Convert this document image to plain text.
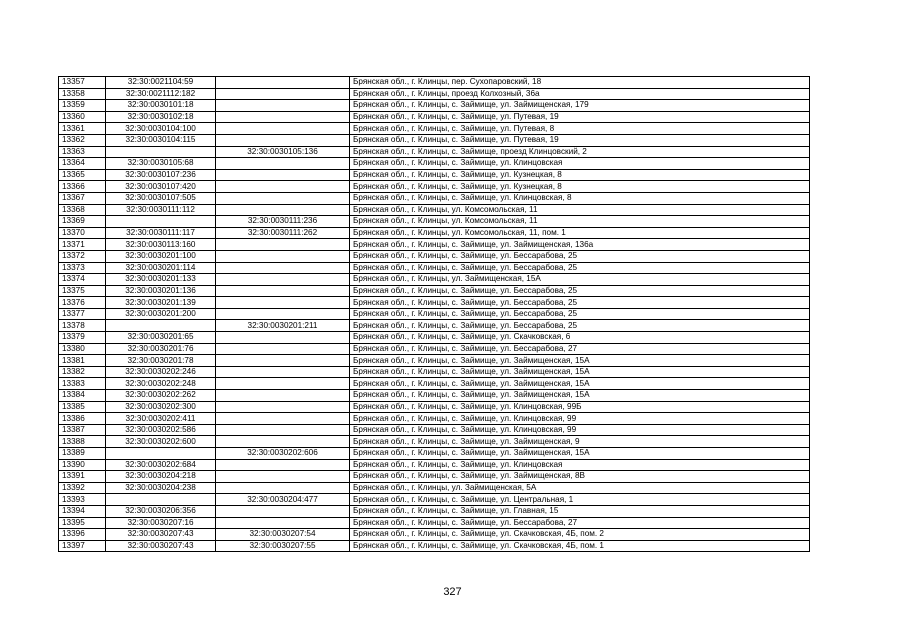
13357	32:30:0021104:59		Брянская обл., г. Клинцы, пер. Сухопаровский, 18
13358	32:30:0021112:182		Брянская обл., г. Клинцы, проезд Колхозный, 36а
13359	32:30:0030101:18		Брянская обл., г. Клинцы, с. Займище, ул. Займищенская, 179
13360	32:30:0030102:18		Брянская обл., г. Клинцы, с. Займище, ул. Путевая, 19
13361	32:30:0030104:100		Брянская обл., г. Клинцы, с. Займище, ул. Путевая, 8
13362	32:30:0030104:115		Брянская обл., г. Клинцы, с. Займище, ул. Путевая, 19
13363		32:30:0030105:136	Брянская обл., г. Клинцы, с. Займище, проезд Клинцовский, 2
13364	32:30:0030105:68		Брянская обл., г. Клинцы, с. Займище, ул. Клинцовская
13365	32:30:0030107:236		Брянская обл., г. Клинцы, с. Займище, ул. Кузнецкая, 8
13366	32:30:0030107:420		Брянская обл., г. Клинцы, с. Займище, ул. Кузнецкая, 8
13367	32:30:0030107:505		Брянская обл., г. Клинцы, с. Займище, ул. Клинцовская, 8
13368	32:30:0030111:112		Брянская обл., г. Клинцы, ул. Комсомольская, 11
13369		32:30:0030111:236	Брянская обл., г. Клинцы, ул. Комсомольская, 11
13370	32:30:0030111:117	32:30:0030111:262	Брянская обл., г. Клинцы, ул. Комсомольская, 11, пом. 1
13371	32:30:0030113:160		Брянская обл., г. Клинцы, с. Займище, ул. Займищенская, 136а
13372	32:30:0030201:100		Брянская обл., г. Клинцы, с. Займище, ул. Бессарабова, 25
13373	32:30:0030201:114		Брянская обл., г. Клинцы, с. Займище, ул. Бессарабова, 25
13374	32:30:0030201:133		Брянская обл., г. Клинцы, ул. Займищенская, 15А
13375	32:30:0030201:136		Брянская обл., г. Клинцы, с. Займище, ул. Бессарабова, 25
13376	32:30:0030201:139		Брянская обл., г. Клинцы, с. Займище, ул. Бессарабова, 25
13377	32:30:0030201:200		Брянская обл., г. Клинцы, с. Займище, ул. Бессарабова, 25
13378		32:30:0030201:211	Брянская обл., г. Клинцы, с. Займище, ул. Бессарабова, 25
13379	32:30:0030201:65		Брянская обл., г. Клинцы, с. Займище, ул. Скачковская, 6
13380	32:30:0030201:76		Брянская обл., г. Клинцы, с. Займище, ул. Бессарабова, 27
13381	32:30:0030201:78		Брянская обл., г. Клинцы, с. Займище, ул. Займищенская, 15А
13382	32:30:0030202:246		Брянская обл., г. Клинцы, с. Займище, ул. Займищенская, 15А
13383	32:30:0030202:248		Брянская обл., г. Клинцы, с. Займище, ул. Займищенская, 15А
13384	32:30:0030202:262		Брянская обл., г. Клинцы, с. Займище, ул. Займищенская, 15А
13385	32:30:0030202:300		Брянская обл., г. Клинцы, с. Займище, ул. Клинцовская, 99Б
13386	32:30:0030202:411		Брянская обл., г. Клинцы, с. Займище, ул. Клинцовская, 99
13387	32:30:0030202:586		Брянская обл., г. Клинцы, с. Займище, ул. Клинцовская, 99
13388	32:30:0030202:600		Брянская обл., г. Клинцы, с. Займище, ул. Займищенская, 9
13389		32:30:0030202:606	Брянская обл., г. Клинцы, с. Займище, ул. Займищенская, 15А
13390	32:30:0030202:684		Брянская обл., г. Клинцы, с. Займище, ул. Клинцовская
13391	32:30:0030204:218		Брянская обл., г. Клинцы, с. Займище, ул. Займищенская, 8В
13392	32:30:0030204:238		Брянская обл., г. Клинцы, ул. Займищенская, 5А
13393		32:30:0030204:477	Брянская обл., г. Клинцы, с. Займище, ул. Центральная, 1
13394	32:30:0030206:356		Брянская обл., г. Клинцы, с. Займище, ул. Главная, 15
13395	32:30:0030207:16		Брянская обл., г. Клинцы, с. Займище, ул. Бессарабова, 27
13396	32:30:0030207:43	32:30:0030207:54	Брянская обл., г. Клинцы, с. Займище, ул. Скачковская, 4Б, пом. 2
13397	32:30:0030207:43	32:30:0030207:55	Брянская обл., г. Клинцы, с. Займище, ул. Скачковская, 4Б, пом. 1
327
